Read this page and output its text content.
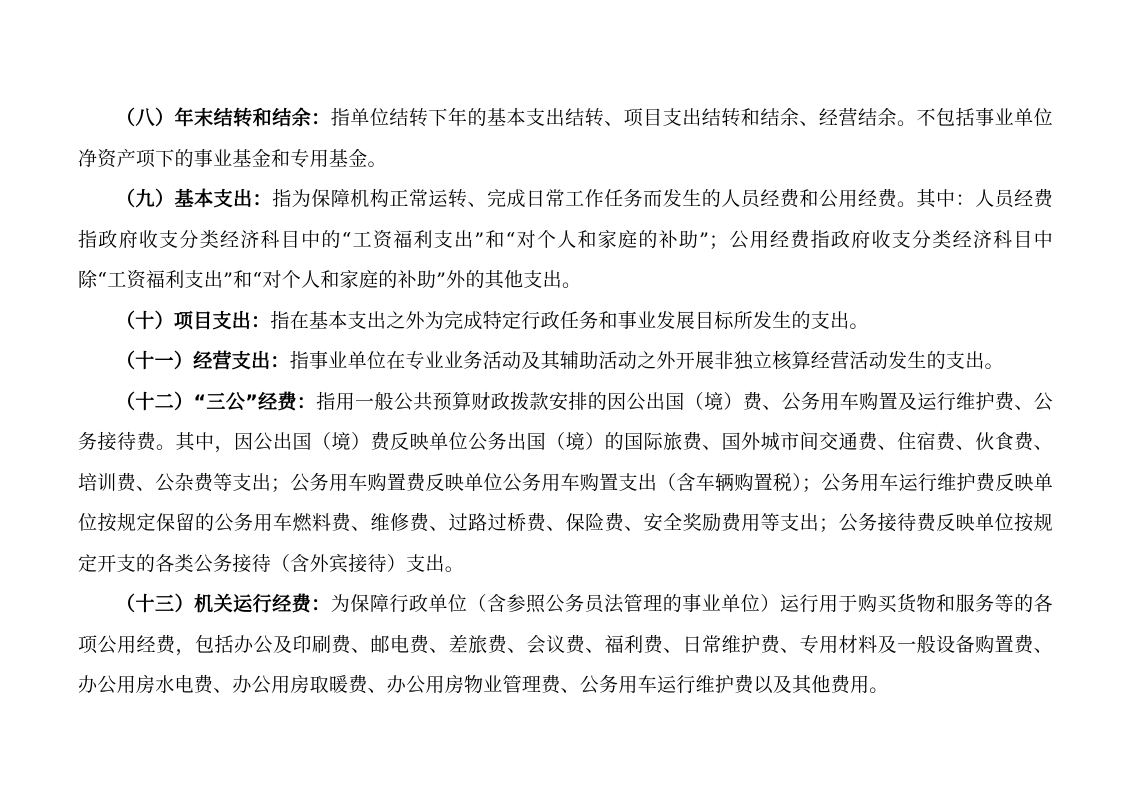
（八）年末结转和结余：指单位结转下年的基本支出结转、项目支出结转和结余、经营结余。不包括事业单位净资产项下的事业基金和专用基金。

（九）基本支出：指为保障机构正常运转、完成日常工作任务而发生的人员经费和公用经费。其中：人员经费指政府收支分类经济科目中的“工资福利支出”和“对个人和家庭的补助”；公用经费指政府收支分类经济科目中除“工资福利支出”和“对个人和家庭的补助”外的其他支出。

（十）项目支出：指在基本支出之外为完成特定行政任务和事业发展目标所发生的支出。

（十一）经营支出：指事业单位在专业业务活动及其辅助活动之外开展非独立核算经营活动发生的支出。

（十二）“三公”经费：指用一般公共预算财政拨款安排的因公出国（境）费、公务用车购置及运行维护费、公务接待费。其中，因公出国（境）费反映单位公务出国（境）的国际旅费、国外城市间交通费、住宿费、伙食费、培训费、公杂费等支出；公务用车购置费反映单位公务用车购置支出（含车辆购置税）；公务用车运行维护费反映单位按规定保留的公务用车燃料费、维修费、过路过桥费、保险费、安全奖励费用等支出；公务接待费反映单位按规定开支的各类公务接待（含外宾接待）支出。

（十三）机关运行经费：为保障行政单位（含参照公务员法管理的事业单位）运行用于购买货物和服务等的各项公用经费，包括办公及印刷费、邮电费、差旅费、会议费、福利费、日常维护费、专用材料及一般设备购置费、办公用房水电费、办公用房取暖费、办公用房物业管理费、公务用车运行维护费以及其他费用。
